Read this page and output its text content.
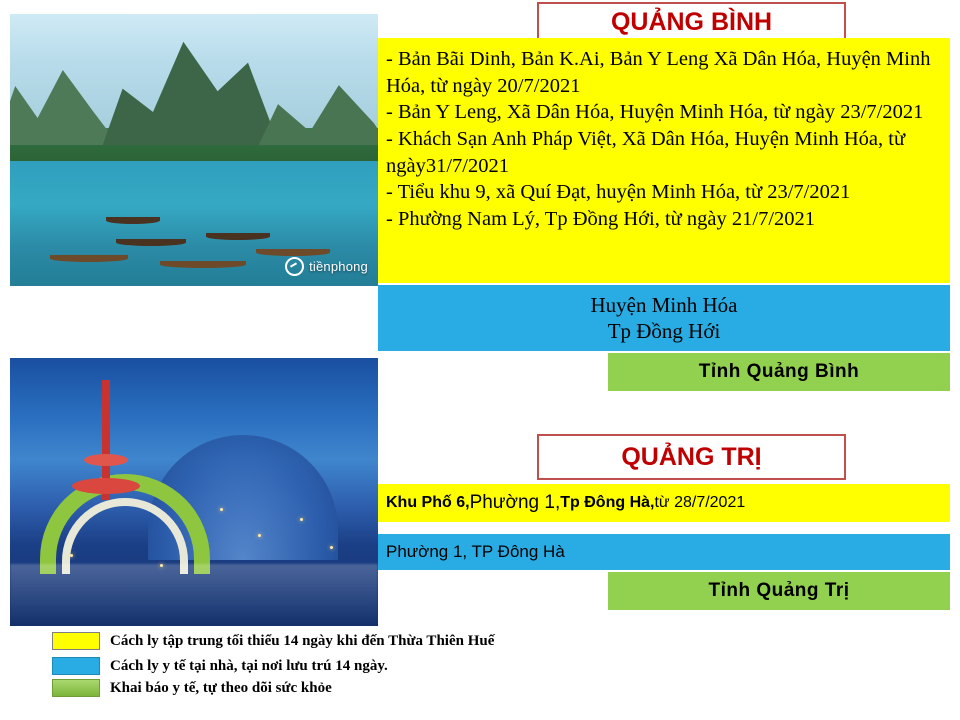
tiềnphong
QUẢNG BÌNH
- Bản Bãi Dinh, Bản K.Ai, Bản Y Leng Xã Dân Hóa, Huyện Minh Hóa, từ ngày 20/7/2021
- Bản Y Leng, Xã Dân Hóa, Huyện Minh Hóa, từ ngày 23/7/2021
- Khách Sạn Anh Pháp Việt, Xã Dân Hóa, Huyện Minh Hóa, từ ngày31/7/2021
- Tiểu khu 9, xã Quí Đạt, huyện Minh Hóa, từ 23/7/2021
- Phường Nam Lý, Tp Đồng Hới, từ ngày 21/7/2021
Huyện Minh Hóa
Tp Đồng Hới
Tỉnh Quảng Bình
QUẢNG TRỊ
Khu Phố 6, Phường 1, Tp Đông Hà, từ 28/7/2021
Phường 1, TP Đông Hà
Tỉnh Quảng Trị
Cách ly tập trung tối thiểu 14 ngày khi đến Thừa Thiên Huế
Cách ly y tế tại nhà, tại nơi lưu trú 14 ngày.
Khai báo y tế, tự theo dõi sức khỏe
